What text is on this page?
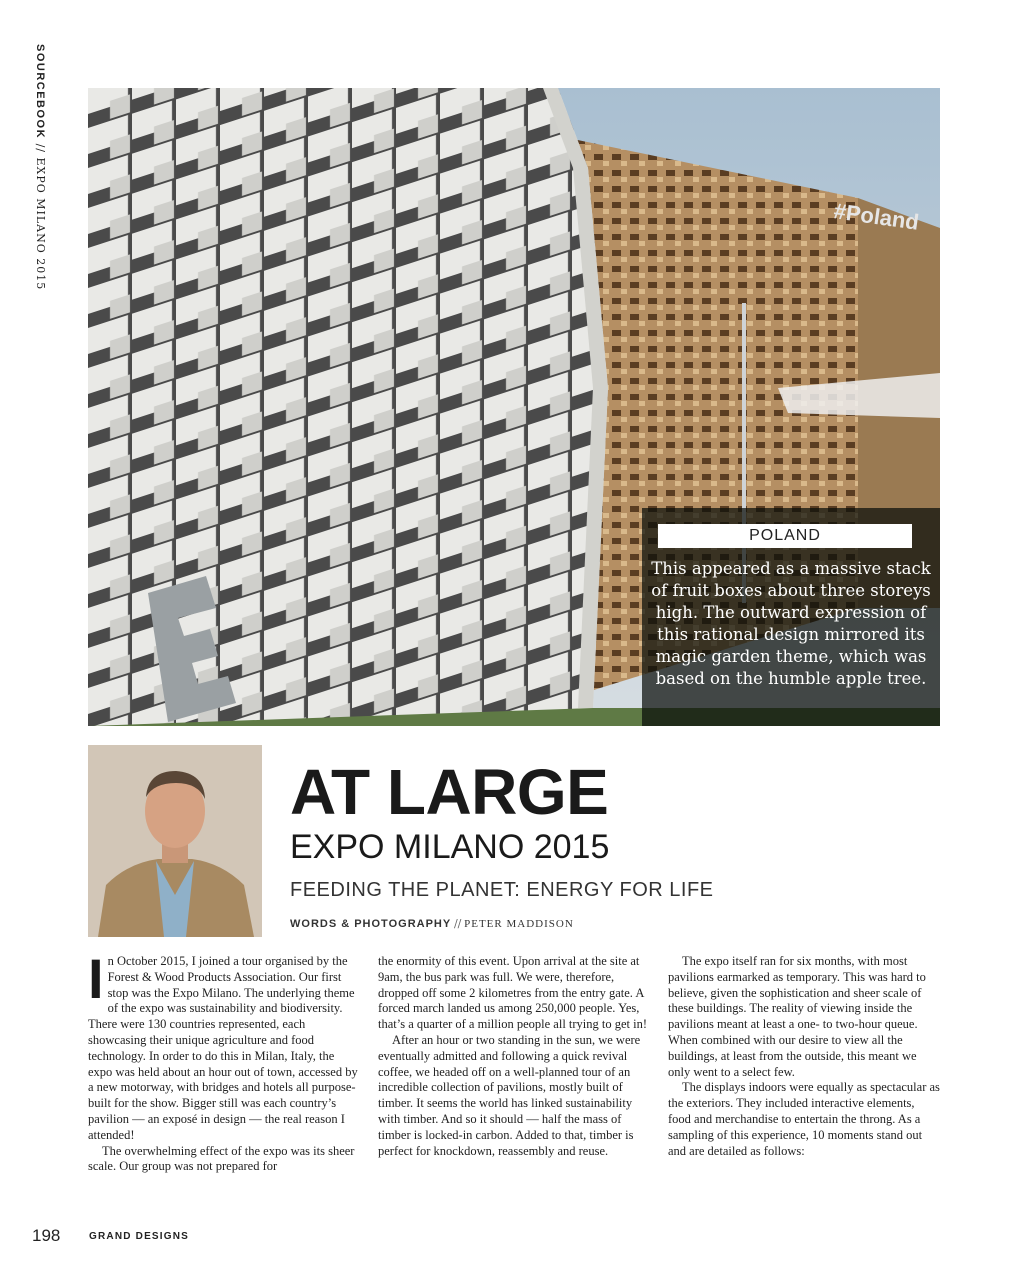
SOURCEBOOK // EXPO MILANO 2015	#Poland
POLAND
This appeared as a massive stack of fruit boxes about three storeys high. The outward expression of this rational design mirrored its magic garden theme, which was based on the humble apple tree.
AT LARGE
EXPO MILANO 2015
FEEDING THE PLANET: ENERGY FOR LIFE
WORDS & PHOTOGRAPHY // PETER MADDISON

In October 2015, I joined a tour organised by the Forest & Wood Products Association. Our first stop was the Expo Milano. The underlying theme of the expo was sustainability and biodiversity. There were 130 countries represented, each showcasing their unique agriculture and food technology. In order to do this in Milan, Italy, the expo was held about an hour out of town, accessed by a new motorway, with bridges and hotels all purpose-built for the show. Bigger still was each country’s pavilion — an exposé in design — the real reason I attended!

The overwhelming effect of the expo was its sheer scale. Our group was not prepared for

the enormity of this event. Upon arrival at the site at 9am, the bus park was full. We were, therefore, dropped off some 2 kilometres from the entry gate. A forced march landed us among 250,000 people. Yes, that’s a quarter of a million people all trying to get in!

After an hour or two standing in the sun, we were eventually admitted and following a quick revival coffee, we headed off on a well-planned tour of an incredible collection of pavilions, mostly built of timber. It seems the world has linked sustainability with timber. And so it should — half the mass of timber is locked-in carbon. Added to that, timber is perfect for knockdown, reassembly and reuse.

The expo itself ran for six months, with most pavilions earmarked as temporary. This was hard to believe, given the sophistication and sheer scale of these buildings. The reality of viewing inside the pavilions meant at least a one- to two-hour queue. When combined with our desire to view all the buildings, at least from the outside, this meant we only went to a select few.

The displays indoors were equally as spectacular as the exteriors. They included interactive elements, food and merchandise to entertain the throng. As a sampling of this experience, 10 moments stand out and are detailed as follows:

198	GRAND DESIGNS
